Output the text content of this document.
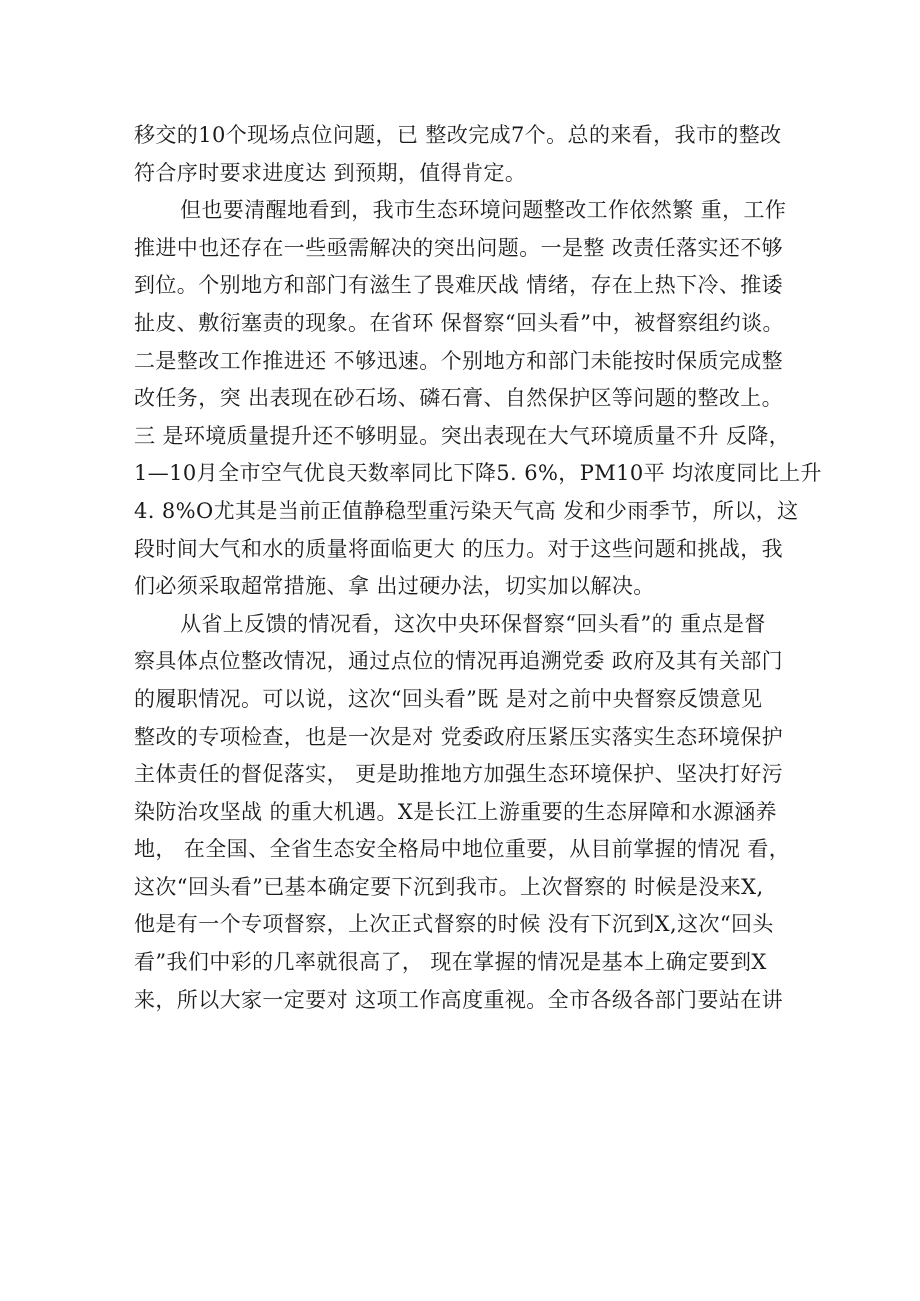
移交的10个现场点位问题，已 整改完成7个。总的来看，我市的整改
符合序时要求进度达 到预期，值得肯定。
但也要清醒地看到，我市生态环境问题整改工作依然繁 重，工作
推进中也还存在一些亟需解决的突出问题。一是整 改责任落实还不够
到位。个别地方和部门有滋生了畏难厌战 情绪，存在上热下冷、推诿
扯皮、敷衍塞责的现象。在省环 保督察“回头看”中，被督察组约谈。
二是整改工作推进还 不够迅速。个别地方和部门未能按时保质完成整
改任务，突 出表现在砂石场、磷石膏、自然保护区等问题的整改上。
三 是环境质量提升还不够明显。突出表现在大气环境质量不升 反降，
1—10月全市空气优良天数率同比下降5. 6%，PM10平 均浓度同比上升
4. 8%O尤其是当前正值静稳型重污染天气高 发和少雨季节，所以，这
段时间大气和水的质量将面临更大 的压力。对于这些问题和挑战，我
们必须采取超常措施、拿 出过硬办法，切实加以解决。
从省上反馈的情况看，这次中央环保督察“回头看”的 重点是督
察具体点位整改情况，通过点位的情况再追溯党委 政府及其有关部门
的履职情况。可以说，这次“回头看”既 是对之前中央督察反馈意见
整改的专项检查，也是一次是对 党委政府压紧压实落实生态环境保护
主体责任的督促落实， 更是助推地方加强生态环境保护、坚决打好污
染防治攻坚战 的重大机遇。X是长江上游重要的生态屏障和水源涵养
地， 在全国、全省生态安全格局中地位重要，从目前掌握的情况 看，
这次“回头看”已基本确定要下沉到我市。上次督察的 时候是没来X,
他是有一个专项督察，上次正式督察的时候 没有下沉到X,这次“回头
看”我们中彩的几率就很高了， 现在掌握的情况是基本上确定要到X
来，所以大家一定要对 这项工作高度重视。全市各级各部门要站在讲
